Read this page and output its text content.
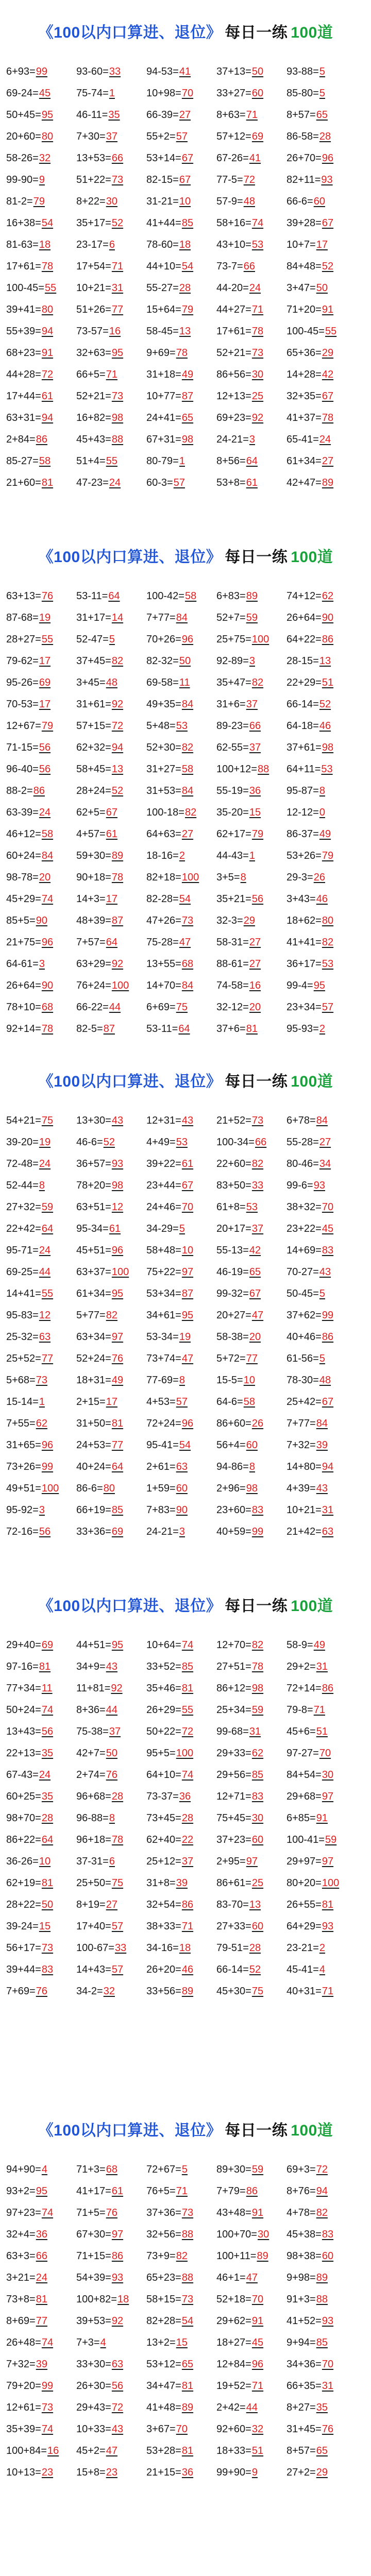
《100以内口算进、退位》 每日一练 100道
6+93=99	93-60=33	94-53=41	37+13=50	93-88=5
69-24=45	75-74=1	10+98=70	33+27=60	85-80=5
50+45=95	46-11=35	66-39=27	8+63=71	8+57=65
20+60=80	7+30=37	55+2=57	57+12=69	86-58=28
58-26=32	13+53=66	53+14=67	67-26=41	26+70=96
99-90=9	51+22=73	82-15=67	77-5=72	82+11=93
81-2=79	8+22=30	31-21=10	57-9=48	66-6=60
16+38=54	35+17=52	41+44=85	58+16=74	39+28=67
81-63=18	23-17=6	78-60=18	43+10=53	10+7=17
17+61=78	17+54=71	44+10=54	73-7=66	84+48=52
100-45=55	10+21=31	55-27=28	44-20=24	3+47=50
39+41=80	51+26=77	15+64=79	44+27=71	71+20=91
55+39=94	73-57=16	58-45=13	17+61=78	100-45=55
68+23=91	32+63=95	9+69=78	52+21=73	65+36=29
44+28=72	66+5=71	31+18=49	86+56=30	14+28=42
17+44=61	52+21=73	10+77=87	12+13=25	32+35=67
63+31=94	16+82=98	24+41=65	69+23=92	41+37=78
2+84=86	45+43=88	67+31=98	24-21=3	65-41=24
85-27=58	51+4=55	80-79=1	8+56=64	61+34=27
21+60=81	47-23=24	60-3=57	53+8=61	42+47=89
《100以内口算进、退位》 每日一练 100道
63+13=76	53-11=64	100-42=58	6+83=89	74+12=62
87-68=19	31+17=14	7+77=84	52+7=59	26+64=90
28+27=55	52-47=5	70+26=96	25+75=100	64+22=86
79-62=17	37+45=82	82-32=50	92-89=3	28-15=13
95-26=69	3+45=48	69-58=11	35+47=82	22+29=51
70-53=17	31+61=92	49+35=84	31+6=37	66-14=52
12+67=79	57+15=72	5+48=53	89-23=66	64-18=46
71-15=56	62+32=94	52+30=82	62-55=37	37+61=98
96-40=56	58+45=13	31+27=58	100+12=88	64+11=53
88-2=86	28+24=52	31+53=84	55-19=36	95-87=8
63-39=24	62+5=67	100-18=82	35-20=15	12-12=0
46+12=58	4+57=61	64+63=27	62+17=79	86-37=49
60+24=84	59+30=89	18-16=2	44-43=1	53+26=79
98-78=20	90+18=78	82+18=100	3+5=8	29-3=26
45+29=74	14+3=17	82-28=54	35+21=56	3+43=46
85+5=90	48+39=87	47+26=73	32-3=29	18+62=80
21+75=96	7+57=64	75-28=47	58-31=27	41+41=82
64-61=3	63+29=92	13+55=68	88-61=27	36+17=53
26+64=90	76+24=100	14+70=84	74-58=16	99-4=95
78+10=68	66-22=44	6+69=75	32-12=20	23+34=57
92+14=78	82-5=87	53-11=64	37+6=81	95-93=2
《100以内口算进、退位》 每日一练 100道
54+21=75	13+30=43	12+31=43	21+52=73	6+78=84
39-20=19	46-6=52	4+49=53	100-34=66	55-28=27
72-48=24	36+57=93	39+22=61	22+60=82	80-46=34
52-44=8	78+20=98	23+44=67	83+50=33	99-6=93
27+32=59	63+51=12	24+46=70	61+8=53	38+32=70
22+42=64	95-34=61	34-29=5	20+17=37	23+22=45
95-71=24	45+51=96	58+48=10	55-13=42	14+69=83
69-25=44	63+37=100	75+22=97	46-19=65	70-27=43
14+41=55	61+34=95	53+34=87	99-32=67	50-45=5
95-83=12	5+77=82	34+61=95	20+27=47	37+62=99
25-32=63	63+34=97	53-34=19	58-38=20	40+46=86
25+52=77	52+24=76	73+74=47	5+72=77	61-56=5
5+68=73	18+31=49	77-69=8	15-5=10	78-30=48
15-14=1	2+15=17	4+53=57	64-6=58	25+42=67
7+55=62	31+50=81	72+24=96	86+60=26	7+77=84
31+65=96	24+53=77	95-41=54	56+4=60	7+32=39
73+26=99	40+24=64	2+61=63	94-86=8	14+80=94
49+51=100	86-6=80	1+59=60	2+96=98	4+39=43
95-92=3	66+19=85	7+83=90	23+60=83	10+21=31
72-16=56	33+36=69	24-21=3	40+59=99	21+42=63
《100以内口算进、退位》 每日一练 100道
29+40=69	44+51=95	10+64=74	12+70=82	58-9=49
97-16=81	34+9=43	33+52=85	27+51=78	29+2=31
77+34=11	11+81=92	35+46=81	86+12=98	72+14=86
50+24=74	8+36=44	26+29=55	25+34=59	79-8=71
13+43=56	75-38=37	50+22=72	99-68=31	45+6=51
22+13=35	42+7=50	95+5=100	29+33=62	97-27=70
67-43=24	2+74=76	64+10=74	29+56=85	84+54=30
60+25=35	96+68=28	73-37=36	12+71=83	29+68=97
98+70=28	96-88=8	73+45=28	75+45=30	6+85=91
86+22=64	96+18=78	62+40=22	37+23=60	100-41=59
36-26=10	37-31=6	25+12=37	2+95=97	29+97=97
62+19=81	25+50=75	31+8=39	86+61=25	80+20=100
28+22=50	8+19=27	32+54=86	83-70=13	26+55=81
39-24=15	17+40=57	38+33=71	27+33=60	64+29=93
56+17=73	100-67=33	34-16=18	79-51=28	23-21=2
39+44=83	14+43=57	26+20=46	66-14=52	45-41=4
7+69=76	34-2=32	33+56=89	45+30=75	40+31=71
《100以内口算进、退位》 每日一练 100道
94+90=4	71+3=68	72+67=5	89+30=59	69+3=72
93+2=95	41+17=61	76+5=71	7+79=86	8+76=94
97+23=74	71+5=76	37+36=73	43+48=91	4+78=82
32+4=36	67+30=97	32+56=88	100+70=30	45+38=83
63+3=66	71+15=86	73+9=82	100+11=89	98+38=60
3+21=24	54+39=93	65+23=88	46+1=47	9+98=89
73+8=81	100+82=18	58+15=73	52+18=70	91+3=88
8+69=77	39+53=92	82+28=54	29+62=91	41+52=93
26+48=74	7+3=4	13+2=15	18+27=45	9+94=85
7+32=39	33+30=63	53+12=65	12+84=96	34+36=70
79+20=99	26+30=56	34+47=81	19+52=71	66+35=31
12+61=73	29+43=72	41+48=89	2+42=44	8+27=35
35+39=74	10+33=43	3+67=70	92+60=32	31+45=76
100+84=16	45+2=47	53+28=81	18+33=51	8+57=65
10+13=23	15+8=23	21+15=36	99+90=9	27+2=29
